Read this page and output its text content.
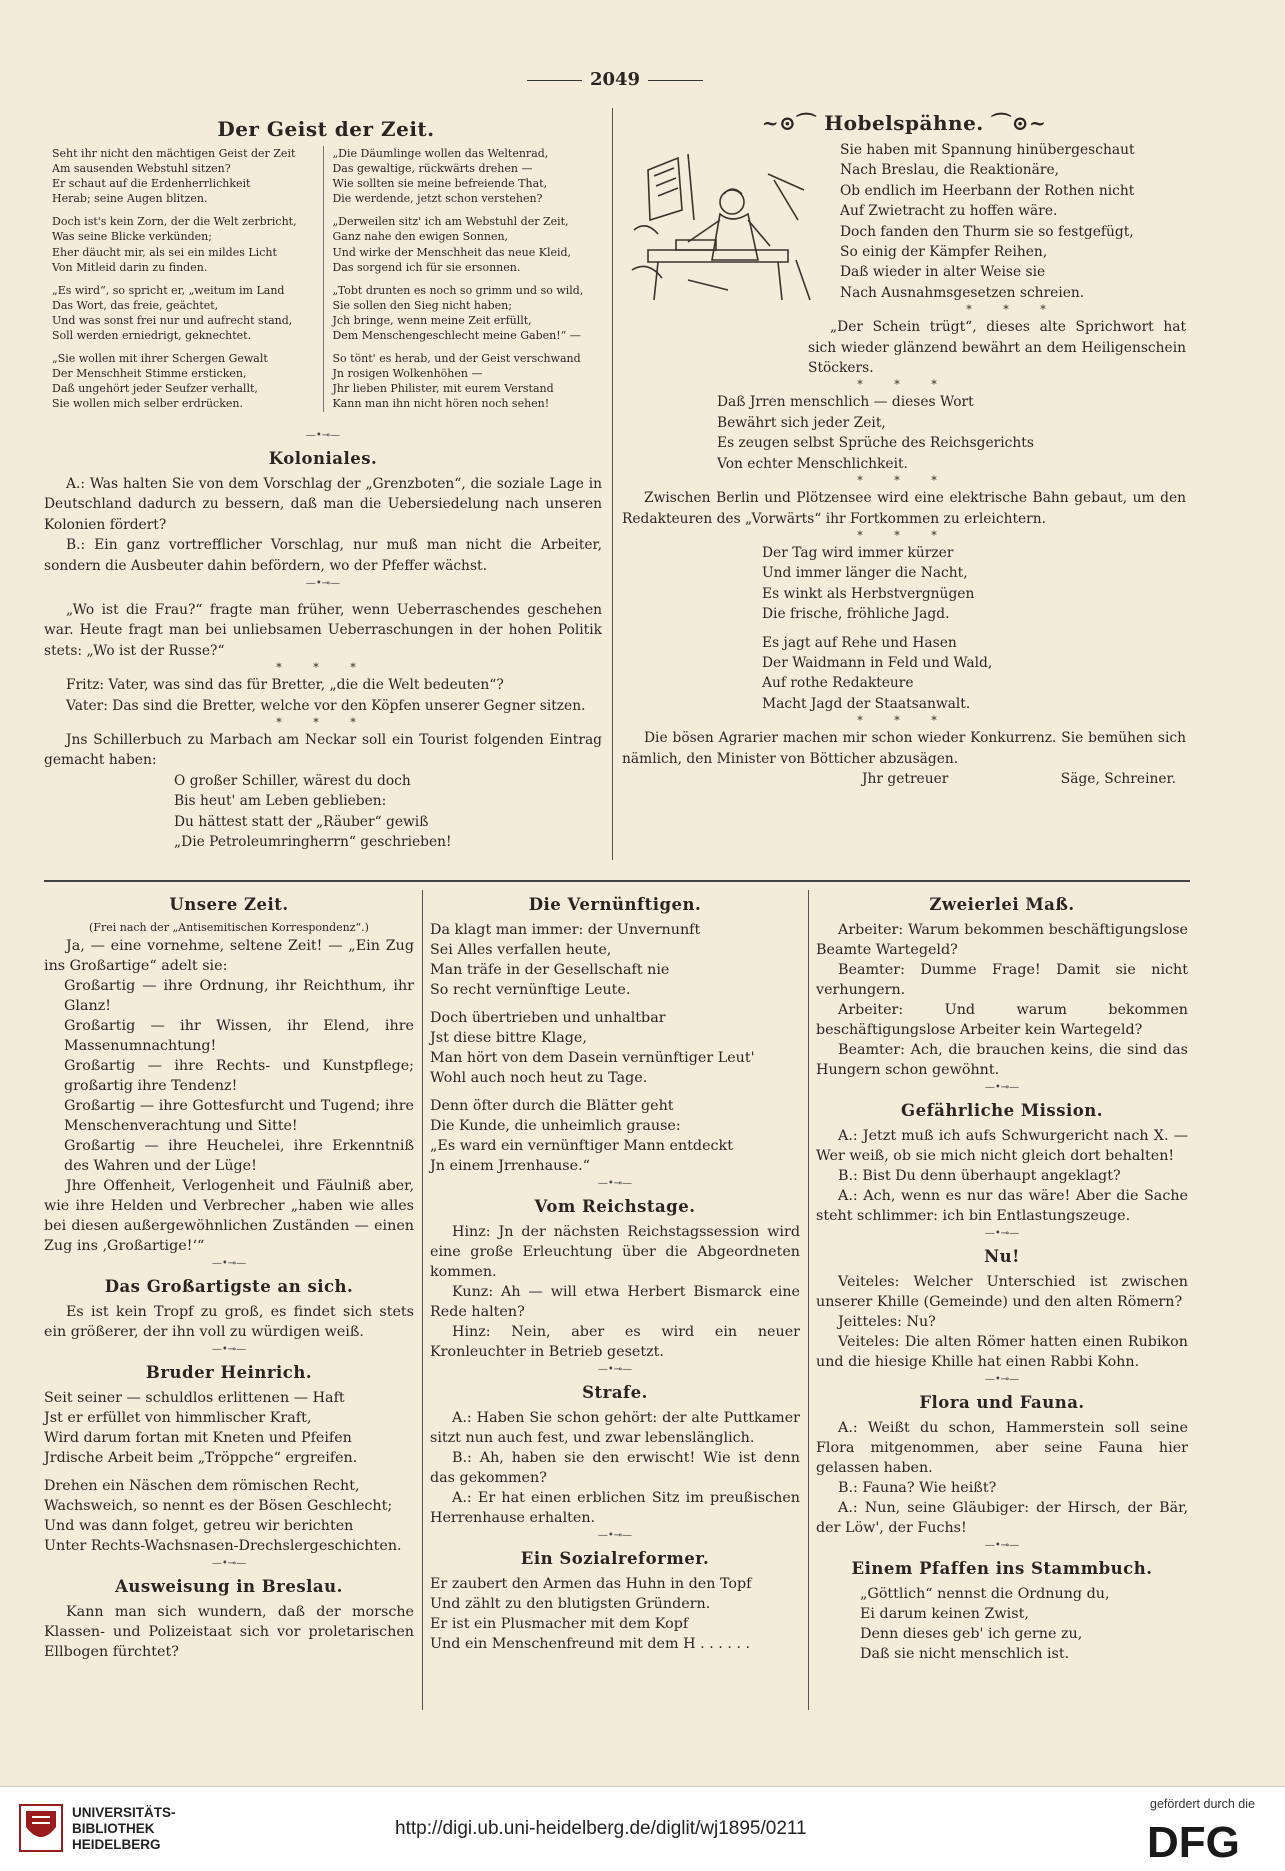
2049
Der Geist der Zeit.
Seht ihr nicht den mächtigen Geist der Zeit
Am sausenden Webstuhl sitzen?
Er schaut auf die Erdenherrlichkeit
Herab; seine Augen blitzen.
Doch ist's kein Zorn, der die Welt zerbricht,
Was seine Blicke verkünden;
Eher däucht mir, als sei ein mildes Licht
Von Mitleid darin zu finden.
„Es wird“, so spricht er, „weitum im Land
Das Wort, das freie, geächtet,
Und was sonst frei nur und aufrecht stand,
Soll werden erniedrigt, geknechtet.
„Sie wollen mit ihrer Schergen Gewalt
Der Menschheit Stimme ersticken,
Daß ungehört jeder Seufzer verhallt,
Sie wollen mich selber erdrücken.
„Die Däumlinge wollen das Weltenrad,
Das gewaltige, rückwärts drehen —
Wie sollten sie meine befreiende That,
Die werdende, jetzt schon verstehen?
„Derweilen sitz' ich am Webstuhl der Zeit,
Ganz nahe den ewigen Sonnen,
Und wirke der Menschheit das neue Kleid,
Das sorgend ich für sie ersonnen.
„Tobt drunten es noch so grimm und so wild,
Sie sollen den Sieg nicht haben;
Jch bringe, wenn meine Zeit erfüllt,
Dem Menschengeschlecht meine Gaben!“ —
So tönt' es herab, und der Geist verschwand
Jn rosigen Wolkenhöhen —
Jhr lieben Philister, mit eurem Verstand
Kann man ihn nicht hören noch sehen!
—•⊸—
Koloniales.
A.: Was halten Sie von dem Vorschlag der „Grenzboten“, die soziale Lage in Deutschland dadurch zu bessern, daß man die Uebersiedelung nach unseren Kolonien fördert?
B.: Ein ganz vortrefflicher Vorschlag, nur muß man nicht die Arbeiter, sondern die Ausbeuter dahin befördern, wo der Pfeffer wächst.
—•⊸—
„Wo ist die Frau?“ fragte man früher, wenn Ueberraschendes geschehen war. Heute fragt man bei unliebsamen Ueberraschungen in der hohen Politik stets: „Wo ist der Russe?“
* * *
Fritz: Vater, was sind das für Bretter, „die die Welt bedeuten“?
Vater: Das sind die Bretter, welche vor den Köpfen unserer Gegner sitzen.
* * *
Jns Schillerbuch zu Marbach am Neckar soll ein Tourist folgenden Eintrag gemacht haben:
O großer Schiller, wärest du doch
Bis heut' am Leben geblieben:
Du hättest statt der „Räuber“ gewiß
„Die Petroleumringherrn“ geschrieben!
~⊙⌒ Hobelspähne. ⌒⊙~
Sie haben mit Spannung hinübergeschaut
Nach Breslau, die Reaktionäre,
Ob endlich im Heerbann der Rothen nicht
Auf Zwietracht zu hoffen wäre.
Doch fanden den Thurm sie so festgefügt,
So einig der Kämpfer Reihen,
Daß wieder in alter Weise sie
Nach Ausnahmsgesetzen schreien.
* * *
„Der Schein trügt“, dieses alte Sprichwort hat sich wieder glänzend bewährt an dem Heiligenschein Stöckers.
* * *
Daß Jrren menschlich — dieses Wort
Bewährt sich jeder Zeit,
Es zeugen selbst Sprüche des Reichsgerichts
Von echter Menschlichkeit.
* * *
Zwischen Berlin und Plötzensee wird eine elektrische Bahn gebaut, um den Redakteuren des „Vorwärts“ ihr Fortkommen zu erleichtern.
* * *
Der Tag wird immer kürzer
Und immer länger die Nacht,
Es winkt als Herbstvergnügen
Die frische, fröhliche Jagd.
Es jagt auf Rehe und Hasen
Der Waidmann in Feld und Wald,
Auf rothe Redakteure
Macht Jagd der Staatsanwalt.
* * *
Die bösen Agrarier machen mir schon wieder Konkurrenz. Sie bemühen sich nämlich, den Minister von Bötticher abzusägen.
Jhr getreuer	Säge, Schreiner.
Unsere Zeit.
(Frei nach der „Antisemitischen Korrespondenz“.)
Ja, — eine vornehme, seltene Zeit! — „Ein Zug ins Großartige“ adelt sie:
Großartig — ihre Ordnung, ihr Reichthum, ihr Glanz!
Großartig — ihr Wissen, ihr Elend, ihre Massenumnachtung!
Großartig — ihre Rechts- und Kunstpflege; großartig ihre Tendenz!
Großartig — ihre Gottesfurcht und Tugend; ihre Menschenverachtung und Sitte!
Großartig — ihre Heuchelei, ihre Erkenntniß des Wahren und der Lüge!
Jhre Offenheit, Verlogenheit und Fäulniß aber, wie ihre Helden und Verbrecher „haben wie alles bei diesen außergewöhnlichen Zuständen — einen Zug ins ‚Großartige!‘“
—•⊸—
Das Großartigste an sich.
Es ist kein Tropf zu groß, es findet sich stets ein größerer, der ihn voll zu würdigen weiß.
—•⊸—
Bruder Heinrich.
Seit seiner — schuldlos erlittenen — Haft
Jst er erfüllet von himmlischer Kraft,
Wird darum fortan mit Kneten und Pfeifen
Jrdische Arbeit beim „Tröppche“ ergreifen.
Drehen ein Näschen dem römischen Recht,
Wachsweich, so nennt es der Bösen Geschlecht;
Und was dann folget, getreu wir berichten
Unter Rechts-Wachsnasen-Drechslergeschichten.
—•⊸—
Ausweisung in Breslau.
Kann man sich wundern, daß der morsche Klassen- und Polizeistaat sich vor proletarischen Ellbogen fürchtet?
Die Vernünftigen.
Da klagt man immer: der Unvernunft
Sei Alles verfallen heute,
Man träfe in der Gesellschaft nie
So recht vernünftige Leute.
Doch übertrieben und unhaltbar
Jst diese bittre Klage,
Man hört von dem Dasein vernünftiger Leut'
Wohl auch noch heut zu Tage.
Denn öfter durch die Blätter geht
Die Kunde, die unheimlich grause:
„Es ward ein vernünftiger Mann entdeckt
Jn einem Jrrenhause.“
—•⊸—
Vom Reichstage.
Hinz: Jn der nächsten Reichstagssession wird eine große Erleuchtung über die Abgeordneten kommen.
Kunz: Ah — will etwa Herbert Bismarck eine Rede halten?
Hinz: Nein, aber es wird ein neuer Kronleuchter in Betrieb gesetzt.
—•⊸—
Strafe.
A.: Haben Sie schon gehört: der alte Puttkamer sitzt nun auch fest, und zwar lebenslänglich.
B.: Ah, haben sie den erwischt! Wie ist denn das gekommen?
A.: Er hat einen erblichen Sitz im preußischen Herrenhause erhalten.
—•⊸—
Ein Sozialreformer.
Er zaubert den Armen das Huhn in den Topf
Und zählt zu den blutigsten Gründern.
Er ist ein Plusmacher mit dem Kopf
Und ein Menschenfreund mit dem H . . . . . .
Zweierlei Maß.
Arbeiter: Warum bekommen beschäftigungslose Beamte Wartegeld?
Beamter: Dumme Frage! Damit sie nicht verhungern.
Arbeiter: Und warum bekommen beschäftigungslose Arbeiter kein Wartegeld?
Beamter: Ach, die brauchen keins, die sind das Hungern schon gewöhnt.
—•⊸—
Gefährliche Mission.
A.: Jetzt muß ich aufs Schwurgericht nach X. — Wer weiß, ob sie mich nicht gleich dort behalten!
B.: Bist Du denn überhaupt angeklagt?
A.: Ach, wenn es nur das wäre! Aber die Sache steht schlimmer: ich bin Entlastungszeuge.
—•⊸—
Nu!
Veiteles: Welcher Unterschied ist zwischen unserer Khille (Gemeinde) und den alten Römern?
Jeitteles: Nu?
Veiteles: Die alten Römer hatten einen Rubikon und die hiesige Khille hat einen Rabbi Kohn.
—•⊸—
Flora und Fauna.
A.: Weißt du schon, Hammerstein soll seine Flora mitgenommen, aber seine Fauna hier gelassen haben.
B.: Fauna? Wie heißt?
A.: Nun, seine Gläubiger: der Hirsch, der Bär, der Löw', der Fuchs!
—•⊸—
Einem Pfaffen ins Stammbuch.
„Göttlich“ nennst die Ordnung du,
Ei darum keinen Zwist,
Denn dieses geb' ich gerne zu,
Daß sie nicht menschlich ist.
UNIVERSITÄTS-
BIBLIOTHEK
HEIDELBERG
http://digi.ub.uni-heidelberg.de/diglit/wj1895/0211
gefördert durch die
DFG
